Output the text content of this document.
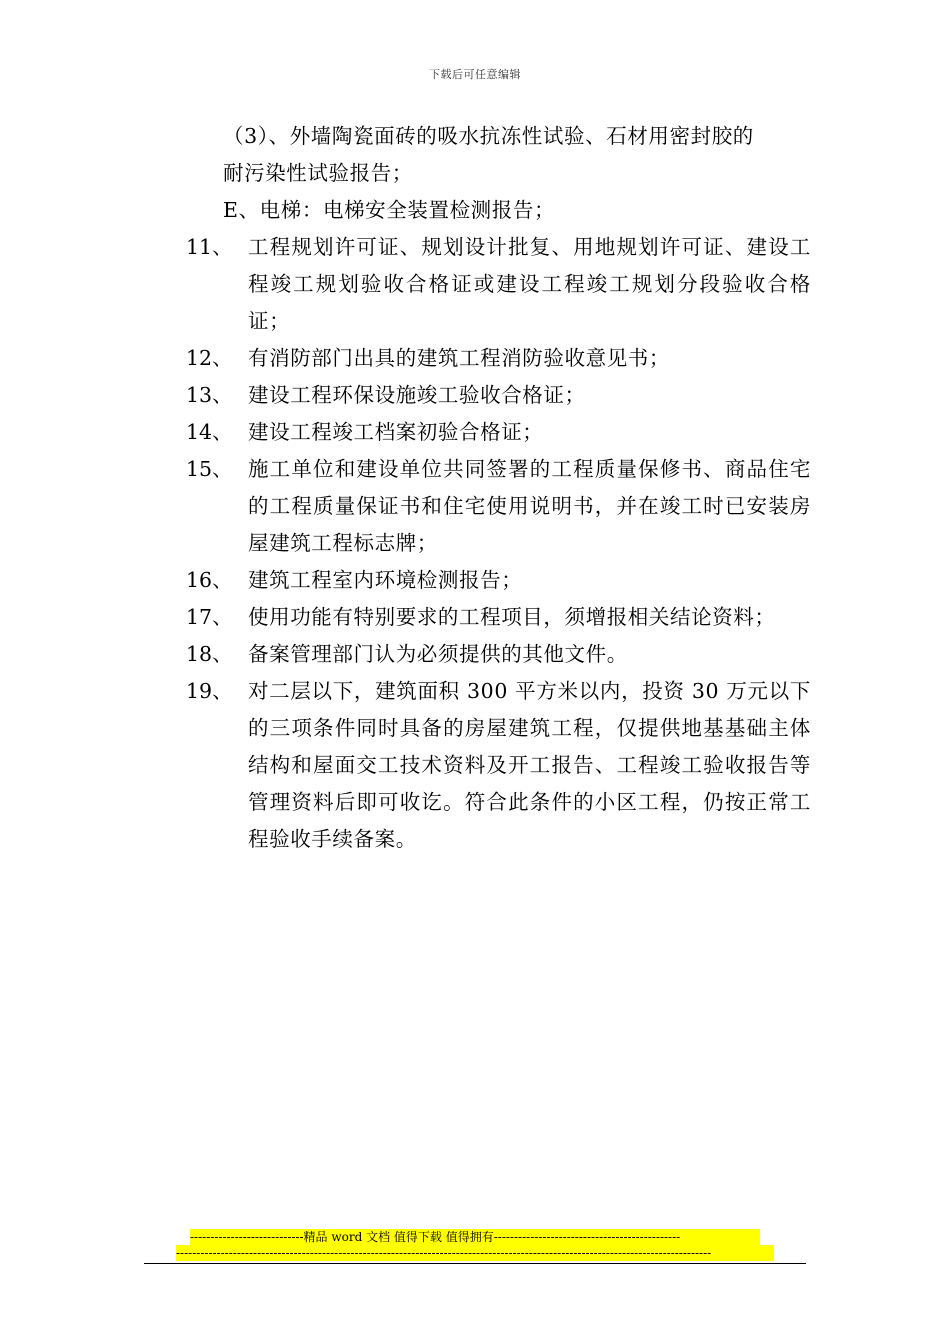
下载后可任意编辑
（3）、外墙陶瓷面砖的吸水抗冻性试验、石材用密封胶的
耐污染性试验报告；
E、电梯：电梯安全装置检测报告；
11、 工程规划许可证、规划设计批复、用地规划许可证、建设工程竣工规划验收合格证或建设工程竣工规划分段验收合格证；
12、 有消防部门出具的建筑工程消防验收意见书；
13、 建设工程环保设施竣工验收合格证；
14、 建设工程竣工档案初验合格证；
15、 施工单位和建设单位共同签署的工程质量保修书、商品住宅的工程质量保证书和住宅使用说明书，并在竣工时已安装房屋建筑工程标志牌；
16、 建筑工程室内环境检测报告；
17、 使用功能有特别要求的工程项目，须增报相关结论资料；
18、 备案管理部门认为必须提供的其他文件。
19、 对二层以下，建筑面积 300 平方米以内，投资 30 万元以下的三项条件同时具备的房屋建筑工程，仅提供地基基础主体结构和屋面交工技术资料及开工报告、工程竣工验收报告等管理资料后即可收讫。符合此条件的小区工程，仍按正常工程验收手续备案。
----------------------------精品 word 文档 值得下载 值得拥有----------------------------------------------
------------------------------------------------------------------------------------------------------------------------------------
